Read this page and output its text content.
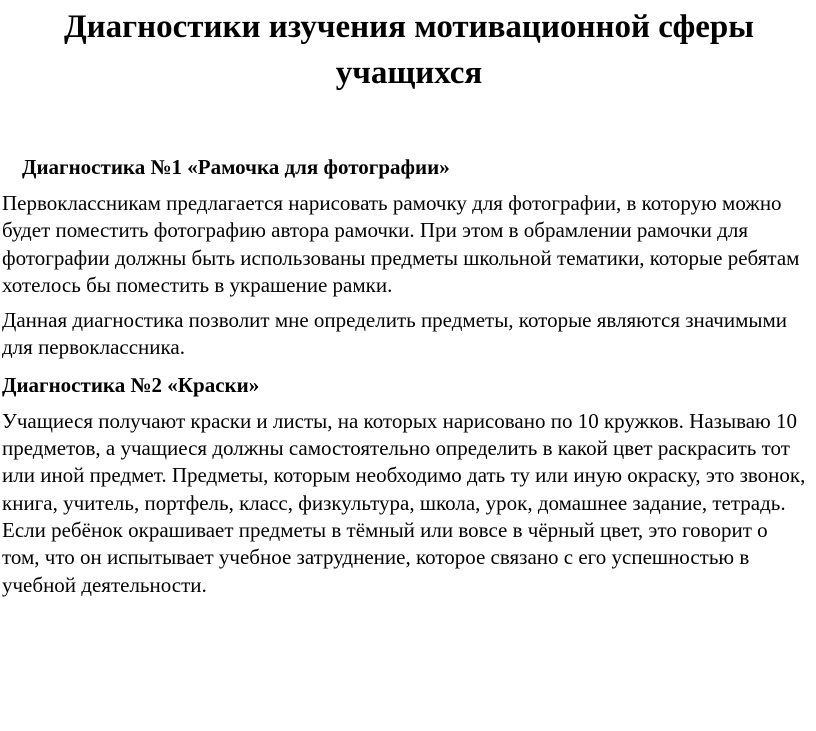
Диагностики изучения мотивационной сферы учащихся
Диагностика №1 «Рамочка для фотографии»

Первоклассникам предлагается нарисовать рамочку для фотографии, в которую можно будет поместить фотографию автора рамочки. При этом в обрамлении рамочки для фотографии должны быть использованы предметы школьной тематики, которые ребятам хотелось бы поместить в украшение рамки.

Данная диагностика позволит мне определить предметы, которые являются значимыми для первоклассника.

Диагностика №2 «Краски»

Учащиеся получают краски и листы, на которых нарисовано по 10 кружков. Называю 10 предметов, а учащиеся должны самостоятельно определить в какой цвет раскрасить тот или иной предмет. Предметы, которым необходимо дать ту или иную окраску, это звонок, книга, учитель, портфель, класс, физкультура, школа, урок, домашнее задание, тетрадь. Если ребёнок окрашивает предметы в тёмный или вовсе в чёрный цвет, это говорит о том, что он испытывает учебное затруднение, которое связано с его успешностью в учебной деятельности.
